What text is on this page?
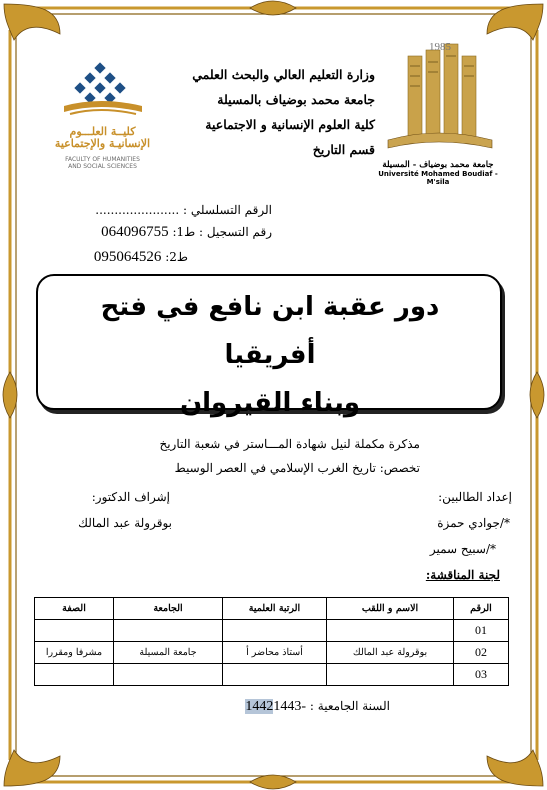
1985
جامعة محمد بوضياف - المسيلة
Université Mohamed Boudiaf - M'sila
كليــة العلـــوم
الإنسانيـة والإجتماعية
FACULTY OF HUMANITIES
AND SOCIAL SCIENCES
وزارة التعليم العالي والبحث العلمي
جامعة محمد بوضياف بالمسيلة
كلية العلوم الإنسانية و الاجتماعية
قسم التاريخ
الرقم التسلسلي : ......................
رقم التسجيل : ط1: 064096755
ط2: 095064526
دور عقبة ابن نافع في فتح أفريقيا
وبناء القيروان
مذكرة مكملة لنيل شهادة المـــاستر في شعبة التاريخ
تخصص: تاريخ الغرب الإسلامي في العصر الوسيط
إعداد الطالبين:
إشراف الدكتور:
*/جوادي حمزة
بوقرولة عبد المالك
*/سبيح سمير
لجنة المناقشة:
الرقم	الاسم و اللقب	الرتبة العلمية	الجامعة	الصفة
01				
02	بوقرولة عبد المالك	أستاذ محاضر أ	جامعة المسيلة	مشرفا ومقررا
03				
السنة الجامعية : 14421443-
